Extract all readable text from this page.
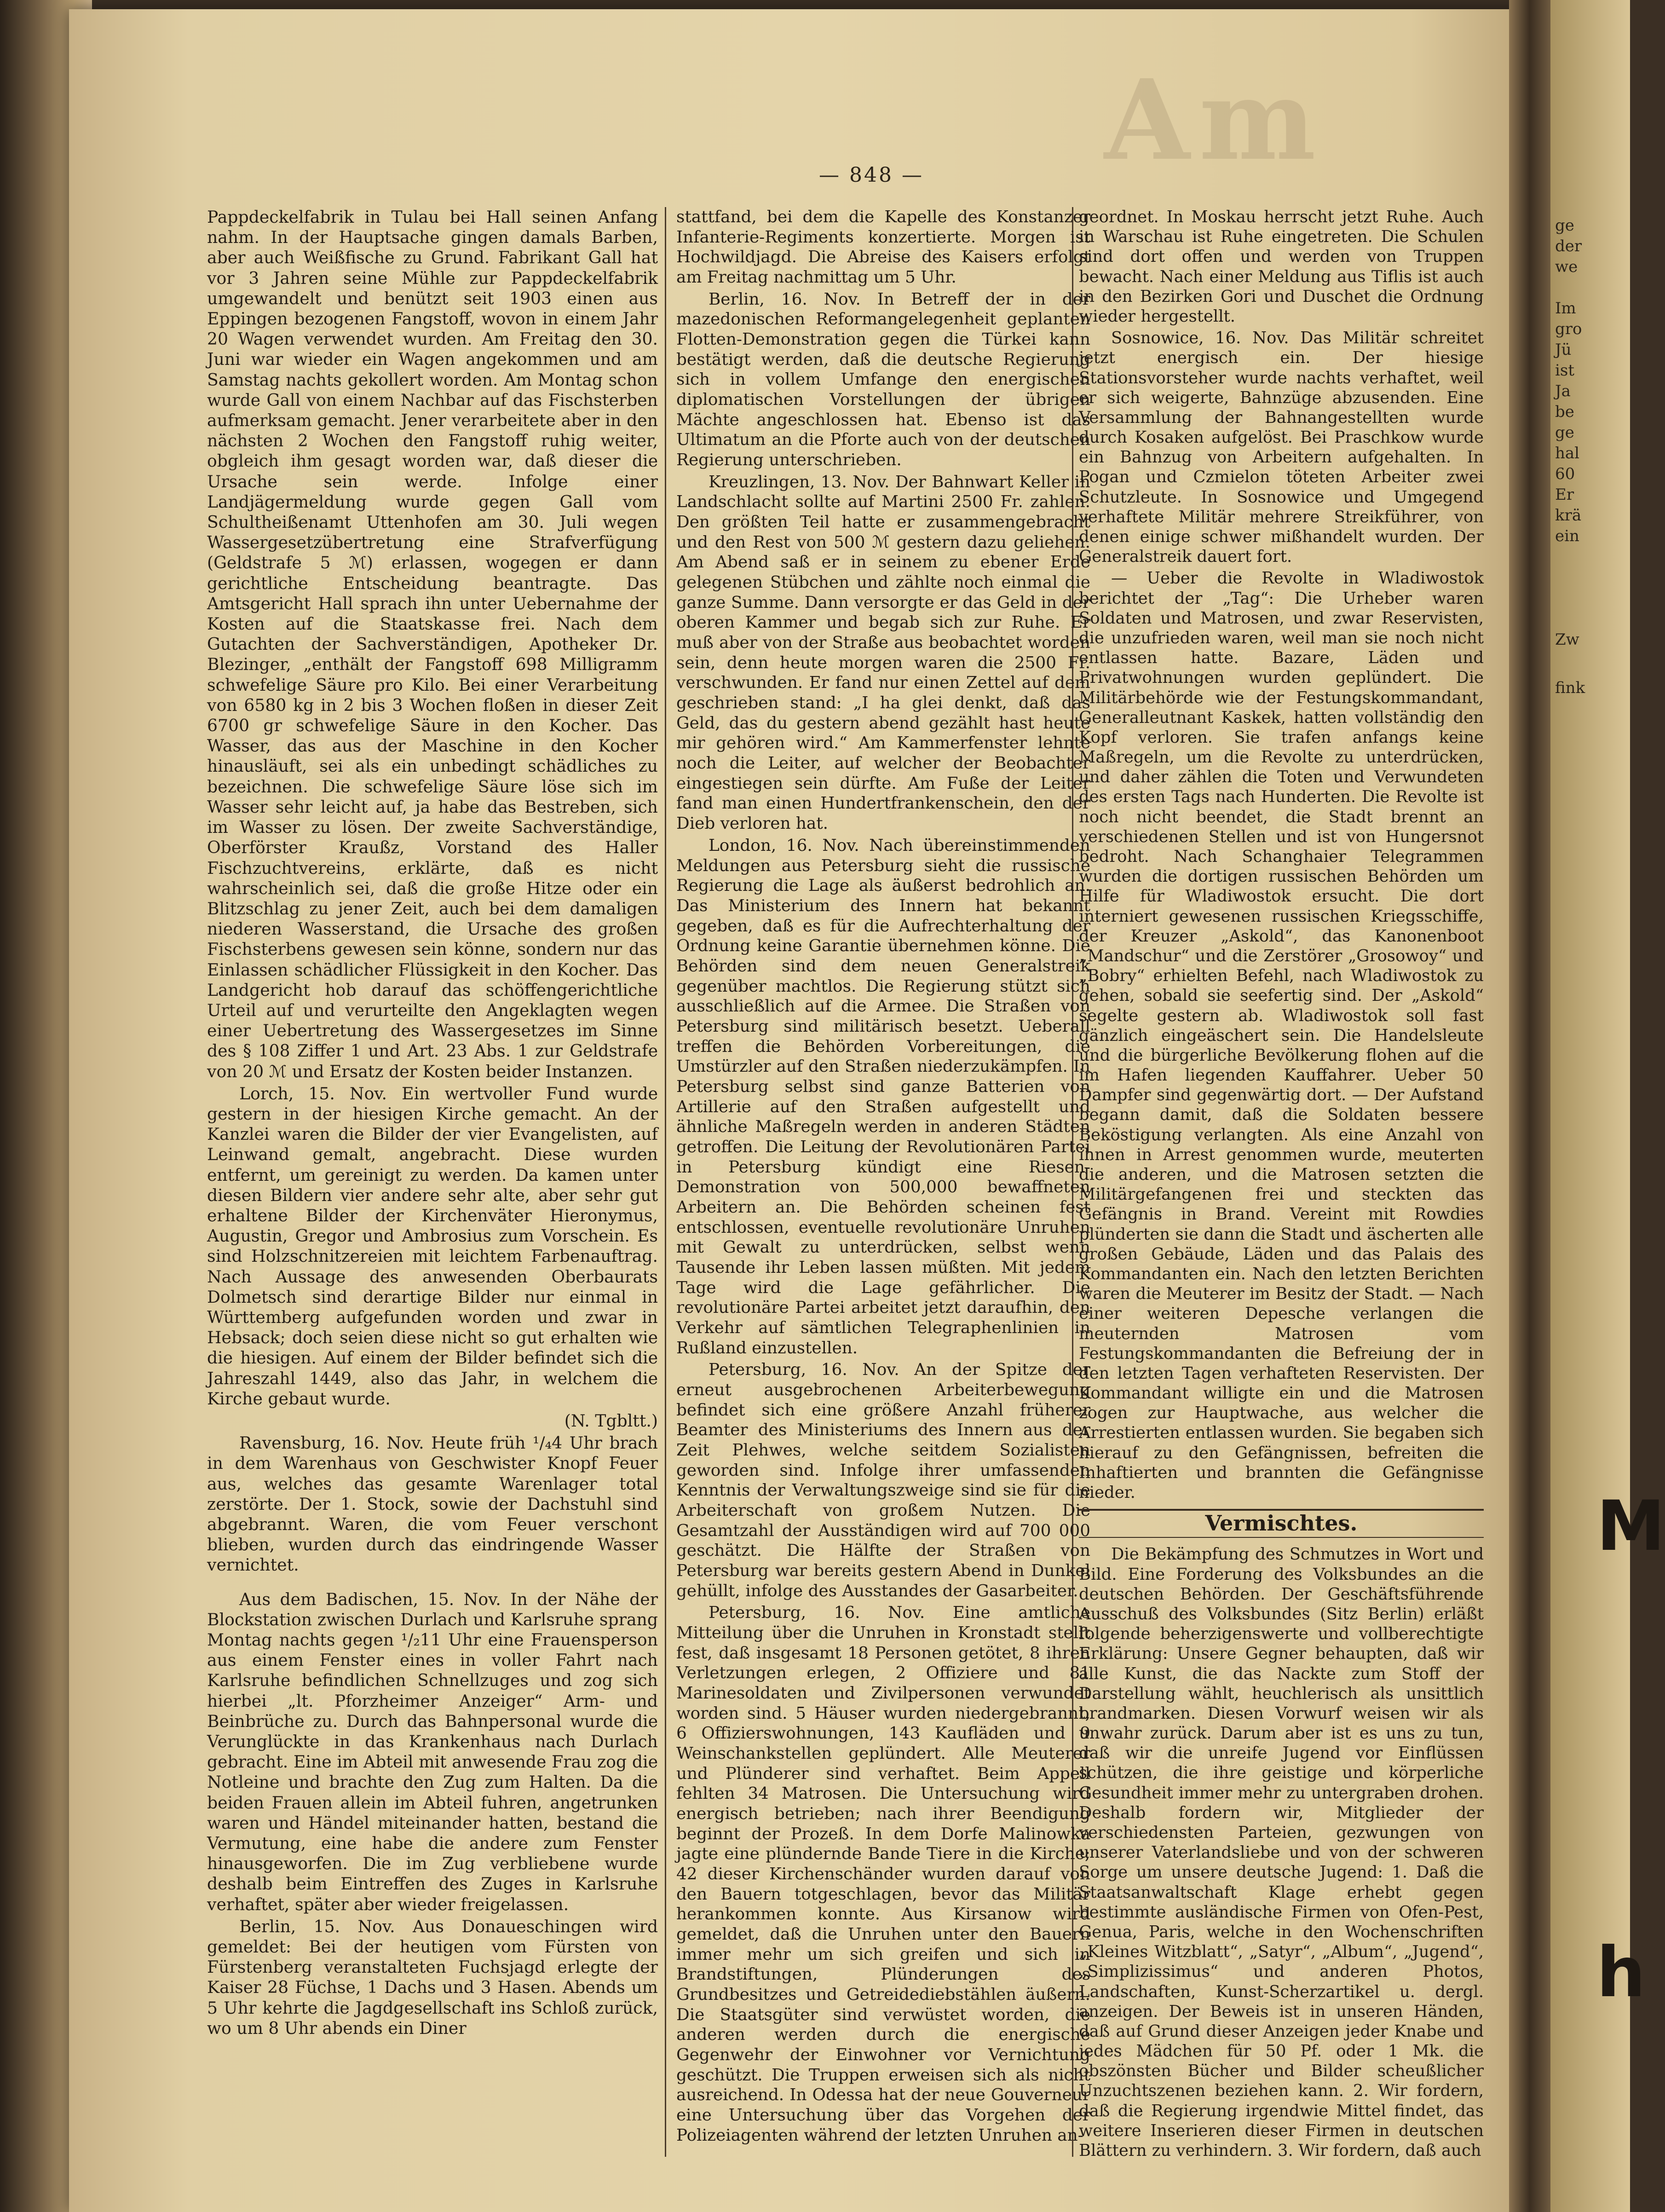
ge
der
we
Im
gro
Jü
ist
Ja
be
ge
hal
60
Er
krä
ein
Zw
fink
M
h
Am
— 848 —

Pappdeckelfabrik in Tulau bei Hall seinen Anfang nahm. In der Hauptsache gingen damals Barben, aber auch Weißfische zu Grund. Fabrikant Gall hat vor 3 Jahren seine Mühle zur Pappdeckelfabrik umgewandelt und benützt seit 1903 einen aus Eppingen bezogenen Fangstoff, wovon in einem Jahr 20 Wagen verwendet wurden. Am Freitag den 30. Juni war wieder ein Wagen angekommen und am Samstag nachts gekollert worden. Am Montag schon wurde Gall von einem Nachbar auf das Fischsterben aufmerksam gemacht. Jener verarbeitete aber in den nächsten 2 Wochen den Fangstoff ruhig weiter, obgleich ihm gesagt worden war, daß dieser die Ursache sein werde. Infolge einer Landjägermeldung wurde gegen Gall vom Schultheißenamt Uttenhofen am 30. Juli wegen Wassergesetzübertretung eine Strafverfügung (Geldstrafe 5 ℳ) erlassen, wogegen er dann gerichtliche Entscheidung beantragte. Das Amtsgericht Hall sprach ihn unter Uebernahme der Kosten auf die Staatskasse frei. Nach dem Gutachten der Sachverständigen, Apotheker Dr. Blezinger, „enthält der Fangstoff 698 Milligramm schwefelige Säure pro Kilo. Bei einer Verarbeitung von 6580 kg in 2 bis 3 Wochen floßen in dieser Zeit 6700 gr schwefelige Säure in den Kocher. Das Wasser, das aus der Maschine in den Kocher hinausläuft, sei als ein unbedingt schädliches zu bezeichnen. Die schwefelige Säure löse sich im Wasser sehr leicht auf, ja habe das Bestreben, sich im Wasser zu lösen. Der zweite Sachverständige, Oberförster Kraußz, Vorstand des Haller Fischzuchtvereins, erklärte, daß es nicht wahrscheinlich sei, daß die große Hitze oder ein Blitzschlag zu jener Zeit, auch bei dem damaligen niederen Wasserstand, die Ursache des großen Fischsterbens gewesen sein könne, sondern nur das Einlassen schädlicher Flüssigkeit in den Kocher. Das Landgericht hob darauf das schöffengerichtliche Urteil auf und verurteilte den Angeklagten wegen einer Uebertretung des Wassergesetzes im Sinne des § 108 Ziffer 1 und Art. 23 Abs. 1 zur Geldstrafe von 20 ℳ und Ersatz der Kosten beider Instanzen.

Lorch, 15. Nov. Ein wertvoller Fund wurde gestern in der hiesigen Kirche gemacht. An der Kanzlei waren die Bilder der vier Evangelisten, auf Leinwand gemalt, angebracht. Diese wurden entfernt, um gereinigt zu werden. Da kamen unter diesen Bildern vier andere sehr alte, aber sehr gut erhaltene Bilder der Kirchenväter Hieronymus, Augustin, Gregor und Ambrosius zum Vorschein. Es sind Holzschnitzereien mit leichtem Farbenauftrag. Nach Aussage des anwesenden Oberbaurats Dolmetsch sind derartige Bilder nur einmal in Württemberg aufgefunden worden und zwar in Hebsack; doch seien diese nicht so gut erhalten wie die hiesigen. Auf einem der Bilder befindet sich die Jahreszahl 1449, also das Jahr, in welchem die Kirche gebaut wurde.

(N. Tgbltt.)

Ravensburg, 16. Nov. Heute früh ¹/₄4 Uhr brach in dem Warenhaus von Geschwister Knopf Feuer aus, welches das gesamte Warenlager total zerstörte. Der 1. Stock, sowie der Dachstuhl sind abgebrannt. Waren, die vom Feuer verschont blieben, wurden durch das eindringende Wasser vernichtet.

Aus dem Badischen, 15. Nov. In der Nähe der Blockstation zwischen Durlach und Karlsruhe sprang Montag nachts gegen ¹/₂11 Uhr eine Frauensperson aus einem Fenster eines in voller Fahrt nach Karlsruhe befindlichen Schnellzuges und zog sich hierbei „lt. Pforzheimer Anzeiger“ Arm- und Beinbrüche zu. Durch das Bahnpersonal wurde die Verunglückte in das Krankenhaus nach Durlach gebracht. Eine im Abteil mit anwesende Frau zog die Notleine und brachte den Zug zum Halten. Da die beiden Frauen allein im Abteil fuhren, angetrunken waren und Händel miteinander hatten, bestand die Vermutung, eine habe die andere zum Fenster hinausgeworfen. Die im Zug verbliebene wurde deshalb beim Eintreffen des Zuges in Karlsruhe verhaftet, später aber wieder freigelassen.

Berlin, 15. Nov. Aus Donaueschingen wird gemeldet: Bei der heutigen vom Fürsten von Fürstenberg veranstalteten Fuchsjagd erlegte der Kaiser 28 Füchse, 1 Dachs und 3 Hasen. Abends um 5 Uhr kehrte die Jagdgesellschaft ins Schloß zurück, wo um 8 Uhr abends ein Diner

stattfand, bei dem die Kapelle des Konstanzer Infanterie-Regiments konzertierte. Morgen ist Hochwildjagd. Die Abreise des Kaisers erfolgt am Freitag nachmittag um 5 Uhr.

Berlin, 16. Nov. In Betreff der in der mazedonischen Reformangelegenheit geplanten Flotten-Demonstration gegen die Türkei kann bestätigt werden, daß die deutsche Regierung sich in vollem Umfange den energischen diplomatischen Vorstellungen der übrigen Mächte angeschlossen hat. Ebenso ist das Ultimatum an die Pforte auch von der deutschen Regierung unterschrieben.

Kreuzlingen, 13. Nov. Der Bahnwart Keller in Landschlacht sollte auf Martini 2500 Fr. zahlen. Den größten Teil hatte er zusammengebracht und den Rest von 500 ℳ gestern dazu geliehen. Am Abend saß er in seinem zu ebener Erde gelegenen Stübchen und zählte noch einmal die ganze Summe. Dann versorgte er das Geld in der oberen Kammer und begab sich zur Ruhe. Er muß aber von der Straße aus beobachtet worden sein, denn heute morgen waren die 2500 Fr. verschwunden. Er fand nur einen Zettel auf dem geschrieben stand: „I ha glei denkt, daß das Geld, das du gestern abend gezählt hast heute mir gehören wird.“ Am Kammerfenster lehnte noch die Leiter, auf welcher der Beobachter eingestiegen sein dürfte. Am Fuße der Leiter fand man einen Hundertfrankenschein, den der Dieb verloren hat.

London, 16. Nov. Nach übereinstimmenden Meldungen aus Petersburg sieht die russische Regierung die Lage als äußerst bedrohlich an. Das Ministerium des Innern hat bekannt gegeben, daß es für die Aufrechterhaltung der Ordnung keine Garantie übernehmen könne. Die Behörden sind dem neuen Generalstreik gegenüber machtlos. Die Regierung stützt sich ausschließlich auf die Armee. Die Straßen von Petersburg sind militärisch besetzt. Ueberall treffen die Behörden Vorbereitungen, die Umstürzler auf den Straßen niederzukämpfen. In Petersburg selbst sind ganze Batterien von Artillerie auf den Straßen aufgestellt und ähnliche Maßregeln werden in anderen Städten getroffen. Die Leitung der Revolutionären Partei in Petersburg kündigt eine Riesen-Demonstration von 500,000 bewaffneten Arbeitern an. Die Behörden scheinen fest entschlossen, eventuelle revolutionäre Unruhen mit Gewalt zu unterdrücken, selbst wenn Tausende ihr Leben lassen müßten. Mit jedem Tage wird die Lage gefährlicher. Die revolutionäre Partei arbeitet jetzt daraufhin, den Verkehr auf sämtlichen Telegraphenlinien in Rußland einzustellen.

Petersburg, 16. Nov. An der Spitze der erneut ausgebrochenen Arbeiterbewegung befindet sich eine größere Anzahl früherer Beamter des Ministeriums des Innern aus der Zeit Plehwes, welche seitdem Sozialisten geworden sind. Infolge ihrer umfassenden Kenntnis der Verwaltungszweige sind sie für die Arbeiterschaft von großem Nutzen. Die Gesamtzahl der Ausständigen wird auf 700 000 geschätzt. Die Hälfte der Straßen von Petersburg war bereits gestern Abend in Dunkel gehüllt, infolge des Ausstandes der Gasarbeiter.

Petersburg, 16. Nov. Eine amtliche Mitteilung über die Unruhen in Kronstadt stellt fest, daß insgesamt 18 Personen getötet, 8 ihren Verletzungen erlegen, 2 Offiziere und 81 Marinesoldaten und Zivilpersonen verwundet worden sind. 5 Häuser wurden niedergebrannt, 6 Offizierswohnungen, 143 Kaufläden und 9 Weinschankstellen geplündert. Alle Meuterer und Plünderer sind verhaftet. Beim Appell fehlten 34 Matrosen. Die Untersuchung wird energisch betrieben; nach ihrer Beendigung beginnt der Prozeß. In dem Dorfe Malinowka jagte eine plündernde Bande Tiere in die Kirche; 42 dieser Kirchenschänder wurden darauf von den Bauern totgeschlagen, bevor das Militär herankommen konnte. Aus Kirsanow wird gemeldet, daß die Unruhen unter den Bauern immer mehr um sich greifen und sich in Brandstiftungen, Plünderungen des Grundbesitzes und Getreidediebstählen äußern. Die Staatsgüter sind verwüstet worden, die anderen werden durch die energische Gegenwehr der Einwohner vor Vernichtung geschützt. Die Truppen erweisen sich als nicht ausreichend. In Odessa hat der neue Gouverneur eine Untersuchung über das Vorgehen der Polizeiagenten während der letzten Unruhen an-

geordnet. In Moskau herrscht jetzt Ruhe. Auch in Warschau ist Ruhe eingetreten. Die Schulen sind dort offen und werden von Truppen bewacht. Nach einer Meldung aus Tiflis ist auch in den Bezirken Gori und Duschet die Ordnung wieder hergestellt.

Sosnowice, 16. Nov. Das Militär schreitet jetzt energisch ein. Der hiesige Stationsvorsteher wurde nachts verhaftet, weil er sich weigerte, Bahnzüge abzusenden. Eine Versammlung der Bahnangestellten wurde durch Kosaken aufgelöst. Bei Praschkow wurde ein Bahnzug von Arbeitern aufgehalten. In Pogan und Czmielon töteten Arbeiter zwei Schutzleute. In Sosnowice und Umgegend verhaftete Militär mehrere Streikführer, von denen einige schwer mißhandelt wurden. Der Generalstreik dauert fort.

— Ueber die Revolte in Wladiwostok berichtet der „Tag“: Die Urheber waren Soldaten und Matrosen, und zwar Reservisten, die unzufrieden waren, weil man sie noch nicht entlassen hatte. Bazare, Läden und Privatwohnungen wurden geplündert. Die Militärbehörde wie der Festungskommandant, Generalleutnant Kaskek, hatten vollständig den Kopf verloren. Sie trafen anfangs keine Maßregeln, um die Revolte zu unterdrücken, und daher zählen die Toten und Verwundeten des ersten Tags nach Hunderten. Die Revolte ist noch nicht beendet, die Stadt brennt an verschiedenen Stellen und ist von Hungersnot bedroht. Nach Schanghaier Telegrammen wurden die dortigen russischen Behörden um Hilfe für Wladiwostok ersucht. Die dort interniert gewesenen russischen Kriegsschiffe, der Kreuzer „Askold“, das Kanonenboot „Mandschur“ und die Zerstörer „Grosowoy“ und „Bobry“ erhielten Befehl, nach Wladiwostok zu gehen, sobald sie seefertig sind. Der „Askold“ segelte gestern ab. Wladiwostok soll fast gänzlich eingeäschert sein. Die Handelsleute und die bürgerliche Bevölkerung flohen auf die im Hafen liegenden Kauffahrer. Ueber 50 Dampfer sind gegenwärtig dort. — Der Aufstand begann damit, daß die Soldaten bessere Beköstigung verlangten. Als eine Anzahl von ihnen in Arrest genommen wurde, meuterten die anderen, und die Matrosen setzten die Militärgefangenen frei und steckten das Gefängnis in Brand. Vereint mit Rowdies plünderten sie dann die Stadt und äscherten alle großen Gebäude, Läden und das Palais des Kommandanten ein. Nach den letzten Berichten waren die Meuterer im Besitz der Stadt. — Nach einer weiteren Depesche verlangen die meuternden Matrosen vom Festungskommandanten die Befreiung der in den letzten Tagen verhafteten Reservisten. Der Kommandant willigte ein und die Matrosen zogen zur Hauptwache, aus welcher die Arrestierten entlassen wurden. Sie begaben sich hierauf zu den Gefängnissen, befreiten die Inhaftierten und brannten die Gefängnisse nieder.

Vermischtes.

Die Bekämpfung des Schmutzes in Wort und Bild. Eine Forderung des Volksbundes an die deutschen Behörden. Der Geschäftsführende Ausschuß des Volksbundes (Sitz Berlin) erläßt folgende beherzigenswerte und vollberechtigte Erklärung: Unsere Gegner behaupten, daß wir alle Kunst, die das Nackte zum Stoff der Darstellung wählt, heuchlerisch als unsittlich brandmarken. Diesen Vorwurf weisen wir als unwahr zurück. Darum aber ist es uns zu tun, daß wir die unreife Jugend vor Einflüssen schützen, die ihre geistige und körperliche Gesundheit immer mehr zu untergraben drohen. Deshalb fordern wir, Mitglieder der verschiedensten Parteien, gezwungen von unserer Vaterlandsliebe und von der schweren Sorge um unsere deutsche Jugend: 1. Daß die Staatsanwaltschaft Klage erhebt gegen bestimmte ausländische Firmen von Ofen-Pest, Genua, Paris, welche in den Wochenschriften „Kleines Witzblatt“, „Satyr“, „Album“, „Jugend“, „Simplizissimus“ und anderen Photos, Landschaften, Kunst-Scherzartikel u. dergl. anzeigen. Der Beweis ist in unseren Händen, daß auf Grund dieser Anzeigen jeder Knabe und jedes Mädchen für 50 Pf. oder 1 Mk. die obszönsten Bücher und Bilder scheußlicher Unzuchtszenen beziehen kann. 2. Wir fordern, daß die Regierung irgendwie Mittel findet, das weitere Inserieren dieser Firmen in deutschen Blättern zu verhindern. 3. Wir fordern, daß auch
